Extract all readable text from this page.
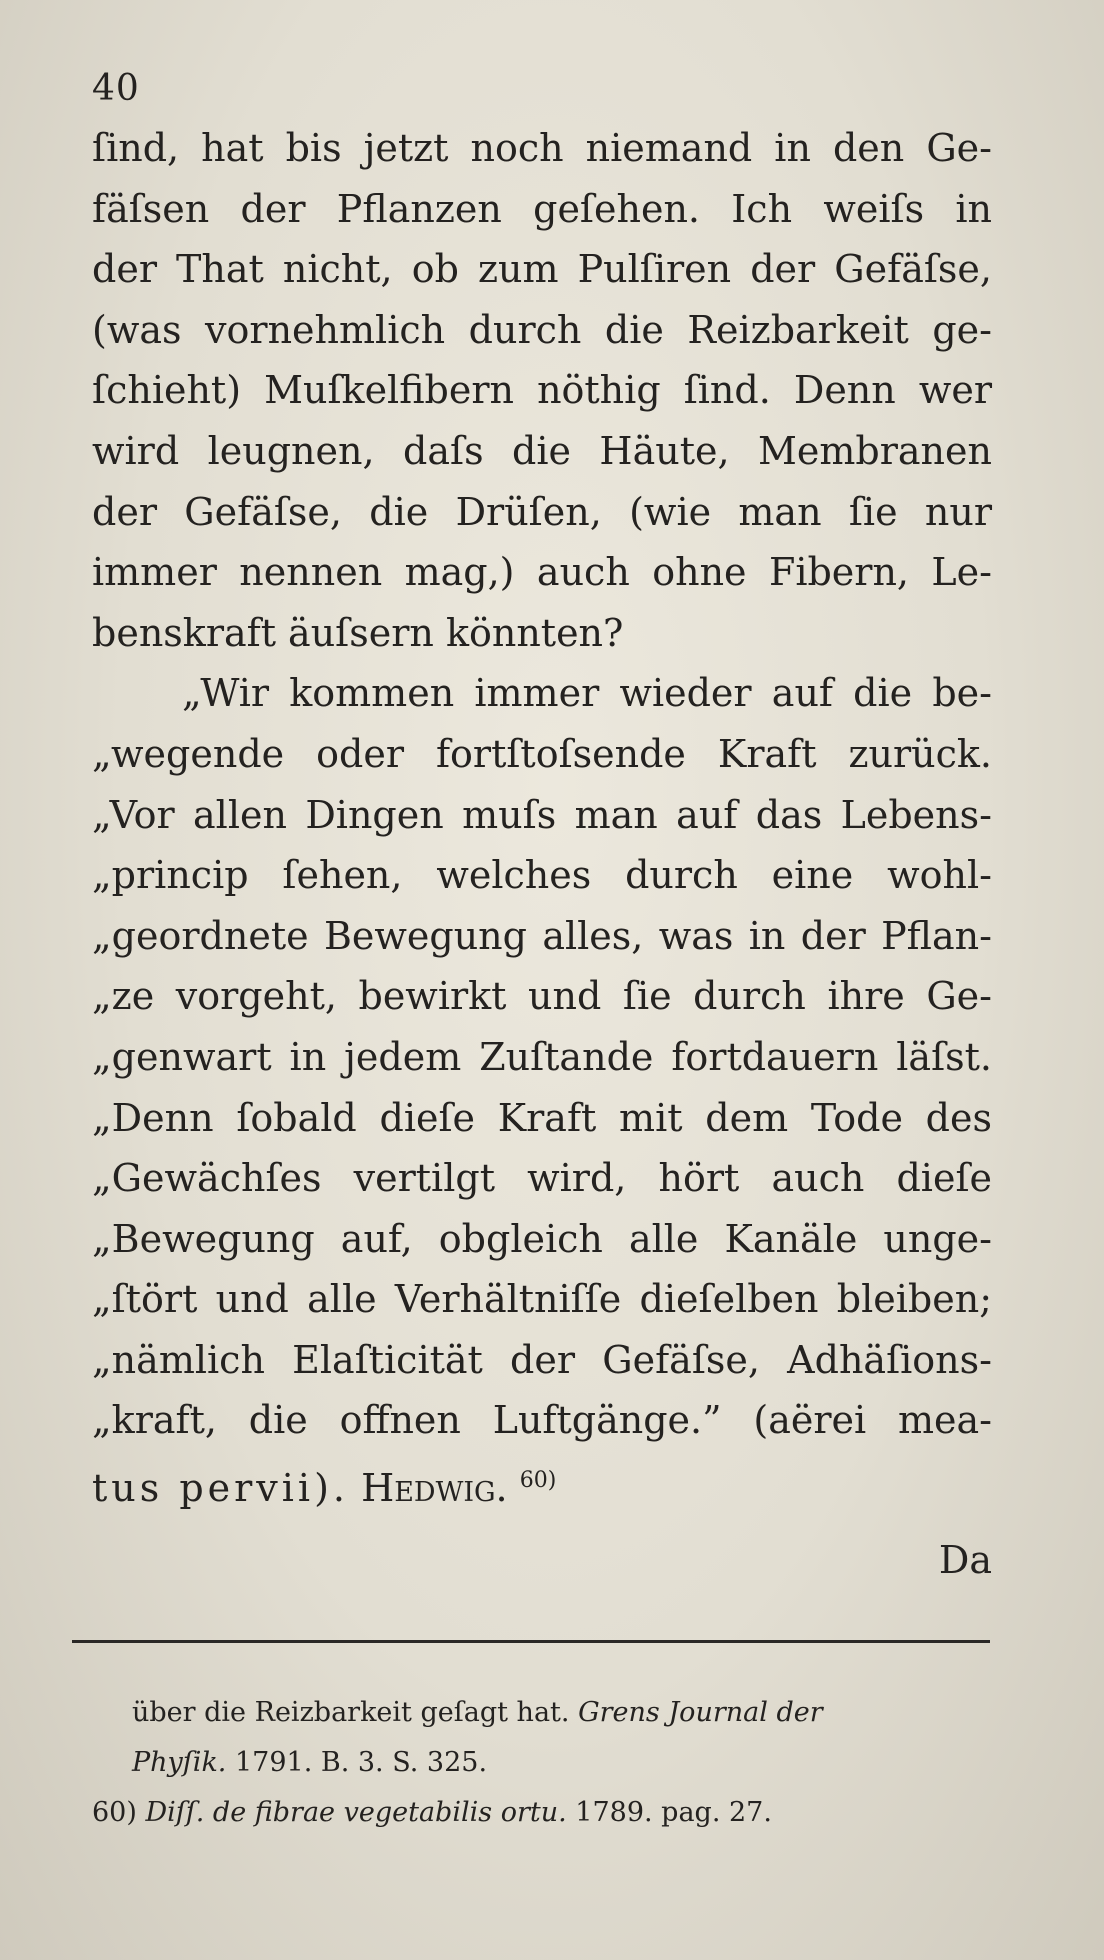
40
ſind, hat bis jetzt noch niemand in den Ge-
fäſsen der Pflanzen geſehen. Ich weiſs in
der That nicht, ob zum Pulſiren der Gefäſse,
(was vornehmlich durch die Reizbarkeit ge-
ſchieht) Muſkelfibern nöthig ſind. Denn wer
wird leugnen, daſs die Häute, Membranen
der Gefäſse, die Drüſen, (wie man ſie nur
immer nennen mag,) auch ohne Fibern, Le-
benskraft äuſsern könnten?
„Wir kommen immer wieder auf die be-
„wegende oder fortſtoſsende Kraft zurück.
„Vor allen Dingen muſs man auf das Lebens-
„princip ſehen, welches durch eine wohl-
„geordnete Bewegung alles, was in der Pflan-
„ze vorgeht, bewirkt und ſie durch ihre Ge-
„genwart in jedem Zuſtande fortdauern läſst.
„Denn ſobald dieſe Kraft mit dem Tode des
„Gewächſes vertilgt wird, hört auch dieſe
„Bewegung auf, obgleich alle Kanäle unge-
„ſtört und alle Verhältniſſe dieſelben bleiben;
„nämlich Elaſticität der Gefäſse, Adhäſions-
„kraft, die offnen Luftgänge.” (aërei mea-
tus pervii). Hedwig. $^{60)}$
Da
über die Reizbarkeit geſagt hat. Grens Journal der
Phyſik. 1791. B. 3. S. 325.
60) Diſſ. de fibrae vegetabilis ortu. 1789. pag. 27.
